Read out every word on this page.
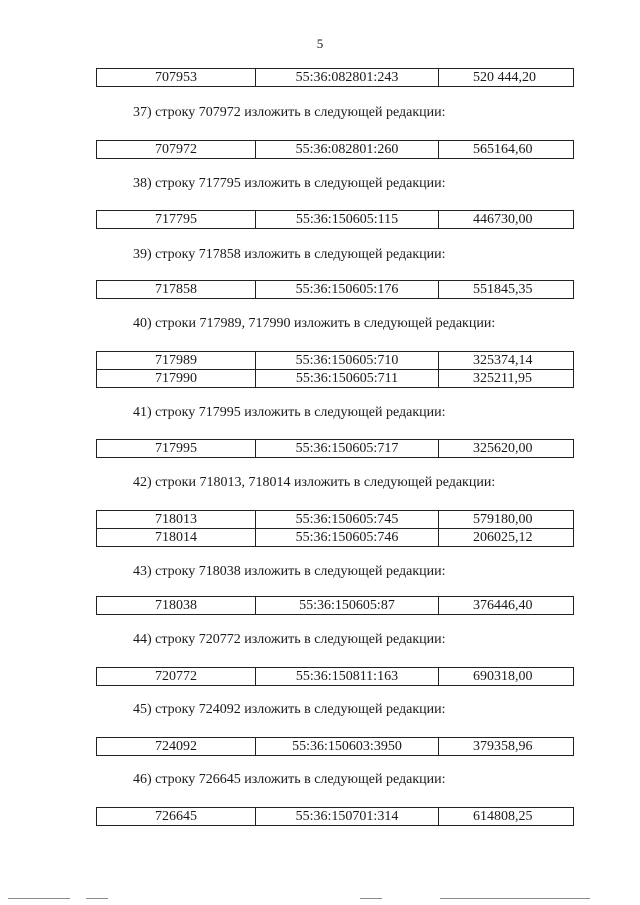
5
707953	55:36:082801:243	520 444,20
37) строку 707972 изложить в следующей редакции:
707972	55:36:082801:260	565164,60
38) строку 717795 изложить в следующей редакции:
717795	55:36:150605:115	446730,00
39) строку 717858 изложить в следующей редакции:
717858	55:36:150605:176	551845,35
40) строки 717989, 717990 изложить в следующей редакции:
717989	55:36:150605:710	325374,14
717990	55:36:150605:711	325211,95
41) строку 717995 изложить в следующей редакции:
717995	55:36:150605:717	325620,00
42) строки 718013, 718014 изложить в следующей редакции:
718013	55:36:150605:745	579180,00
718014	55:36:150605:746	206025,12
43) строку 718038 изложить в следующей редакции:
718038	55:36:150605:87	376446,40
44) строку 720772 изложить в следующей редакции:
720772	55:36:150811:163	690318,00
45) строку 724092 изложить в следующей редакции:
724092	55:36:150603:3950	379358,96
46) строку 726645 изложить в следующей редакции:
726645	55:36:150701:314	614808,25
